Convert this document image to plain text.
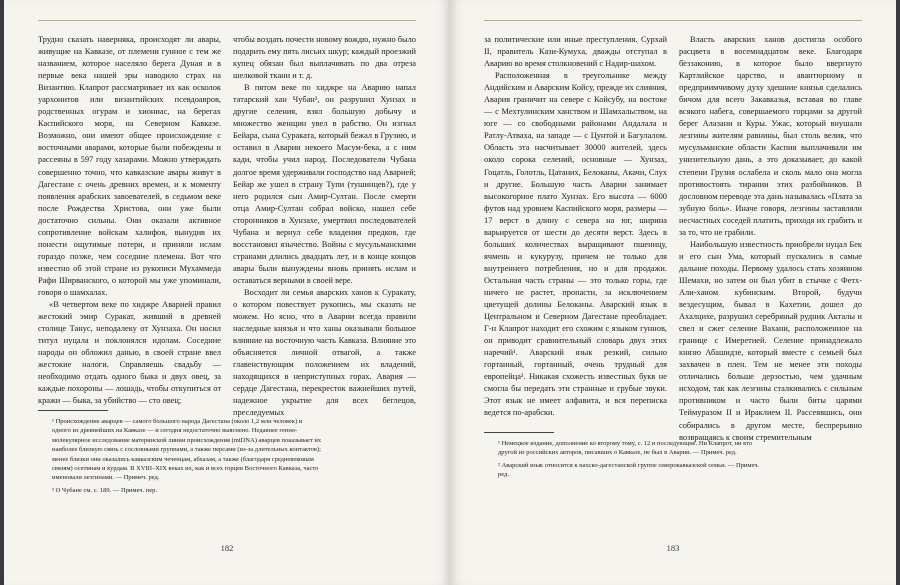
Трудно сказать наверняка, происходят ли авары, живущие на Кавказе, от племени гунное с тем же названием, которое населяло берега Дуная и в первые века нашей эры наводило страх на Византию. Клапрот рассматривает их как осколок уархонитов или византийских псевдоавров, родственных огурам и хиониас, на берегах Каспийского моря, на Северном Кавказе. Возможно, они имеют общее происхождение с восточными аварами, которые были побеждены и рассеяны в 597 году хазарами. Можно утверждать совершенно точно, что кавказские авары живут в Дагестане с очень древних времен, и к моменту появления арабских завоевателей, в седьмом веке после Рождества Христова, они уже были достаточно сильны. Они оказали активное сопротивление войскам халифов, вынудив их понести ощутимые потери, и приняли ислам гораздо позже, чем соседние племена. Вот что известно об этой стране из рукописи Мухаммеда Рафи Ширванского, о которой мы уже упоминали, говоря о шамхалах.

«В четвертом веке по хиджре Аварией правил жестокий эмир Суракат, живший в древней столице Танус, неподалеку от Хунзаха. Он носил титул нуцала и поклонялся идолам. Соседние народы он обложил данью, в своей стране ввел жестокие налоги. Справляешь свадьбу — необходимо отдать одного быка и двух овец, за каждые похороны — лошадь, чтобы откупиться от кражи — быка, за убийство — сто овец;

чтобы воздать почести новому вождю, нужно было подарить ему пять лисьих шкур; каждый проезжий купец обязан был выплачивать по два отреза шелковой ткани и т. д.

В пятом веке по хиджре на Аварию напал татарский хан Чубан², он разрушил Хунзах и другие селения, взял большую добычу и множество женщин увел в рабство. Он изгнал Бейара, сына Сураката, который бежал в Грузию, и оставил в Аварии некоего Масум-бека, а с ним кади, чтобы учил народ. Последователи Чубана долгое время удерживали господство над Аварией; Бейар же ушел в страну Тупи (тушинцев?), где у него родился сын Амир-Султан. После смерти отца Амир-Султан собрал войско, нашел себе сторонников в Хунзахе, умертвил последователей Чубана и вернул себе владения предков, где восстановил язычество. Войны с мусульманскими странами длились двадцать лет, и в конце концов авары были вынуждены вновь принять ислам и оставаться верными в своей вере.

Восходит ли семья аварских ханов к Суракату, о котором повествует рукопись, мы сказать не можем. Но ясно, что в Аварии всегда правили наследные князья и что ханы оказывали большое влияние на восточную часть Кавказа. Влияние это объясняется личной отвагой, а также главенствующим положением их владений, находящихся в неприступных горах. Авария — сердце Дагестана, перекресток важнейших путей, надежное укрытие для всех беглецов, преследуемых

¹ Происхождение аварцев — самого большого народа Дагестана (около 1,2 млн человек) и одного из древнейших на Кавказе — и сегодня недостаточно выяснено. Недавнее генно-молекулярное исследование материнской линии происхождения (mtDNA) аварцев показывает их наиболее близкую связь с сословными группами, а также персами (из-за длительных контактов); менее близки они оказались кавказским чеченцам, абхазам, а также (благодаря средневековым связям) осетинам и курдам. В XVIII–XIX веках их, как и всех горцев Восточного Кавказа, часто именовали лезгинами. — Примеч. ред.

² О Чубане см. с. 189. — Примеч. пер.

182

за политические или иные преступления. Сурхай II, правитель Кази-Кумуха, дважды отступал в Аварию во время столкновений с Надир-шахом.

Расположенная в треугольнике между Андийским и Аварским Койсу, прежде их слияния, Авария граничит на севере с Койсубу, на востоке — с Мехтулинским ханством и Шамхальством, на юге — со свободными районами Андалала и Ратлу-Атваха, на западе — с Цунтой и Багулалом. Область эта насчитывает 30000 жителей, здесь около сорока селений, основные — Хунзах, Гоцатль, Голотль, Цатаних, Белоканы, Акачи, Слух и другие. Большую часть Аварии занимает высокогорное плато Хунзах. Его высота — 6000 футов над уровнем Каспийского моря, размеры — 17 верст в длину с севера на юг, ширина варьируется от шести до десяти верст. Здесь в больших количествах выращивают пшеницу, ячмень и кукурузу, причем не только для внутреннего потребления, но и для продажи. Остальная часть страны — это только горы, где ничего не растет, пропасти, за исключением цветущей долины Белоканы. Аварский язык в Центральном и Северном Дагестане преобладает. Г-н Клапрот находит его схожим с языком гуннов, он приводит сравнительный словарь двух этих наречий¹. Аварский язык резкий, сильно гортанный, гортанный, очень трудный для европейца². Никакая схожесть известных букв не смогла бы передать эти странные и грубые звуки. Этот язык не имеет алфавита, и вся переписка ведется по-арабски.

Власть аварских ханов достигла особого расцвета в восемнадцатом веке. Благодаря беззаконию, в которое было ввергнуто Картлийское царство, и авантюрному и предприимчивому духу здешние князья сделались бичом для всего Закавказья, вставая во главе всякого набега, совершаемого горцами за другой берег Алазани и Куры. Ужас, который внушали лезгины жителям равнины, был столь велик, что мусульманские области Каспия выплачивали им унизительную дань, а это доказывает, до какой степени Грузия ослабела и сколь мало она могла противостоять тирании этих разбойников. В дословном переводе эта дань называлась «Плата за зубную боль». Иначе говоря, лезгины заставляли несчастных соседей платить, приходя их грабить и за то, что не грабили.

Наибольшую известность приобрели нуцал Бек и его сын Ума, который пускались в самые дальние походы. Первому удалось стать хозяином Шемахи, но затем он был убит в стычке с Фетх-Али-ханом кубинским. Второй, будучи вездесущим, бывал в Кахетии, дошел до Ахалцихе, разрушил серебряный рудник Акталы и свел и сжег селение Вахани, расположенное на границе с Имеретией. Селение принадлежало князю Абашидзе, который вместе с семьей был захвачен в плен. Тем не менее эти походы отличались больше дерзостью, чем удачным исходом, так как лезгины сталкивались с сильным противником и часто были биты царями Теймуразом II и Ираклием II. Рассеявшись, они собирались в другом месте, беспрерывно возвращаясь к своим стремительным

¹ Немецкое издание, дополнение ко второму тому, с. 12 и последующие. Ни Клапрот, ни кто другой из российских авторов, писавших о Кавказе, не был в Аварии. — Примеч. ред.

² Аварский язык относится к нахско-дагестанской группе северокавказской семьи. — Примеч. ред.

183
